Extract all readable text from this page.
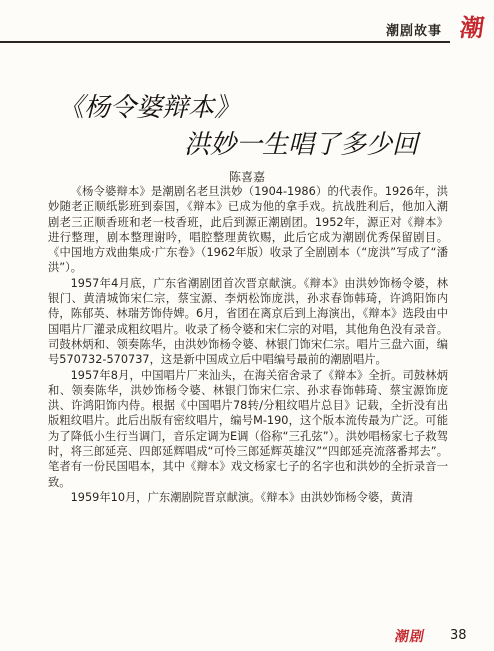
潮剧故事 潮
《杨令婆辩本》
洪妙一生唱了多少回
陈喜嘉

《杨令婆辩本》是潮剧名老旦洪妙（1904-1986）的代表作。1926年，洪妙随老正顺纸影班到泰国，《辩本》已成为他的拿手戏。抗战胜利后，他加入潮剧老三正顺香班和老一枝香班，此后到源正潮剧团。1952年，源正对《辩本》进行整理，剧本整理谢吟，唱腔整理黄钦赐，此后它成为潮剧优秀保留剧目。《中国地方戏曲集成·广东卷》（1962年版）收录了全剧剧本（“庞洪”写成了“潘洪”）。

1957年4月底，广东省潮剧团首次晋京献演。《辩本》由洪妙饰杨令婆，林银门、黄清城饰宋仁宗，蔡宝源、李炳松饰庞洪，孙求春饰韩琦，许鸿阳饰内侍，陈郁英、林瑞芳饰侍婢。6月，省团在离京后到上海演出，《辩本》选段由中国唱片厂灌录成粗纹唱片。收录了杨令婆和宋仁宗的对唱，其他角色没有录音。司鼓林炳和、领奏陈华，由洪妙饰杨令婆、林银门饰宋仁宗。唱片三盘六面，编号570732-570737，这是新中国成立后中唱编号最前的潮剧唱片。

1957年8月，中国唱片厂来汕头，在海关宿舍录了《辩本》全折。司鼓林炳和、领奏陈华，洪妙饰杨令婆、林银门饰宋仁宗、孙求春饰韩琦、蔡宝源饰庞洪、许鸿阳饰内侍。根据《中国唱片78转/分粗纹唱片总目》记载，全折没有出版粗纹唱片。此后出版有密纹唱片，编号M-190，这个版本流传最为广泛。可能为了降低小生行当调门，音乐定调为E调（俗称“三孔弦”）。洪妙唱杨家七子救驾时，将三郎延亮、四郎延辉唱成“可怜三郎延辉英雄汉”“四郎延亮流落番邦去”。笔者有一份民国唱本，其中《辩本》戏文杨家七子的名字也和洪妙的全折录音一致。

1959年10月，广东潮剧院晋京献演。《辩本》由洪妙饰杨令婆，黄清

潮剧 38
